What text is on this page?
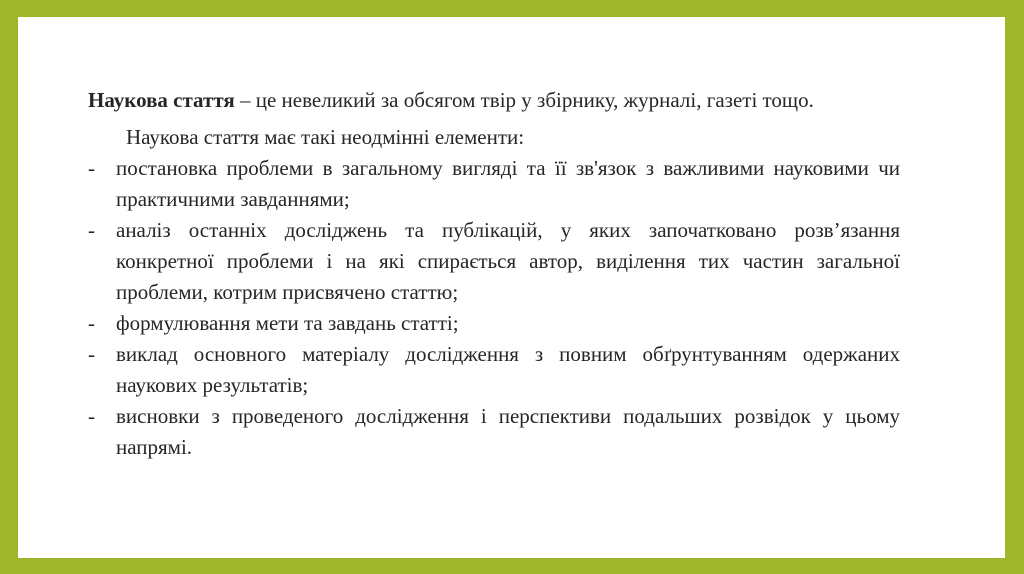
Наукова стаття – це невеликий за обсягом твір у збірнику, журналі, газеті тощо.

Наукова стаття має такі неодмінні елементи:

- постановка проблеми в загальному вигляді та її зв'язок з важливими науковими чи практичними завданнями;
- аналіз останніх досліджень та публікацій, у яких започатковано розв’язання конкретної проблеми і на які спирається автор, виділення тих частин загальної проблеми, котрим присвячено статтю;
- формулювання мети та завдань статті;
- виклад основного матеріалу дослідження з повним обґрунтуванням одержаних наукових результатів;
- висновки з проведеного дослідження і перспективи подальших розвідок у цьому напрямі.
